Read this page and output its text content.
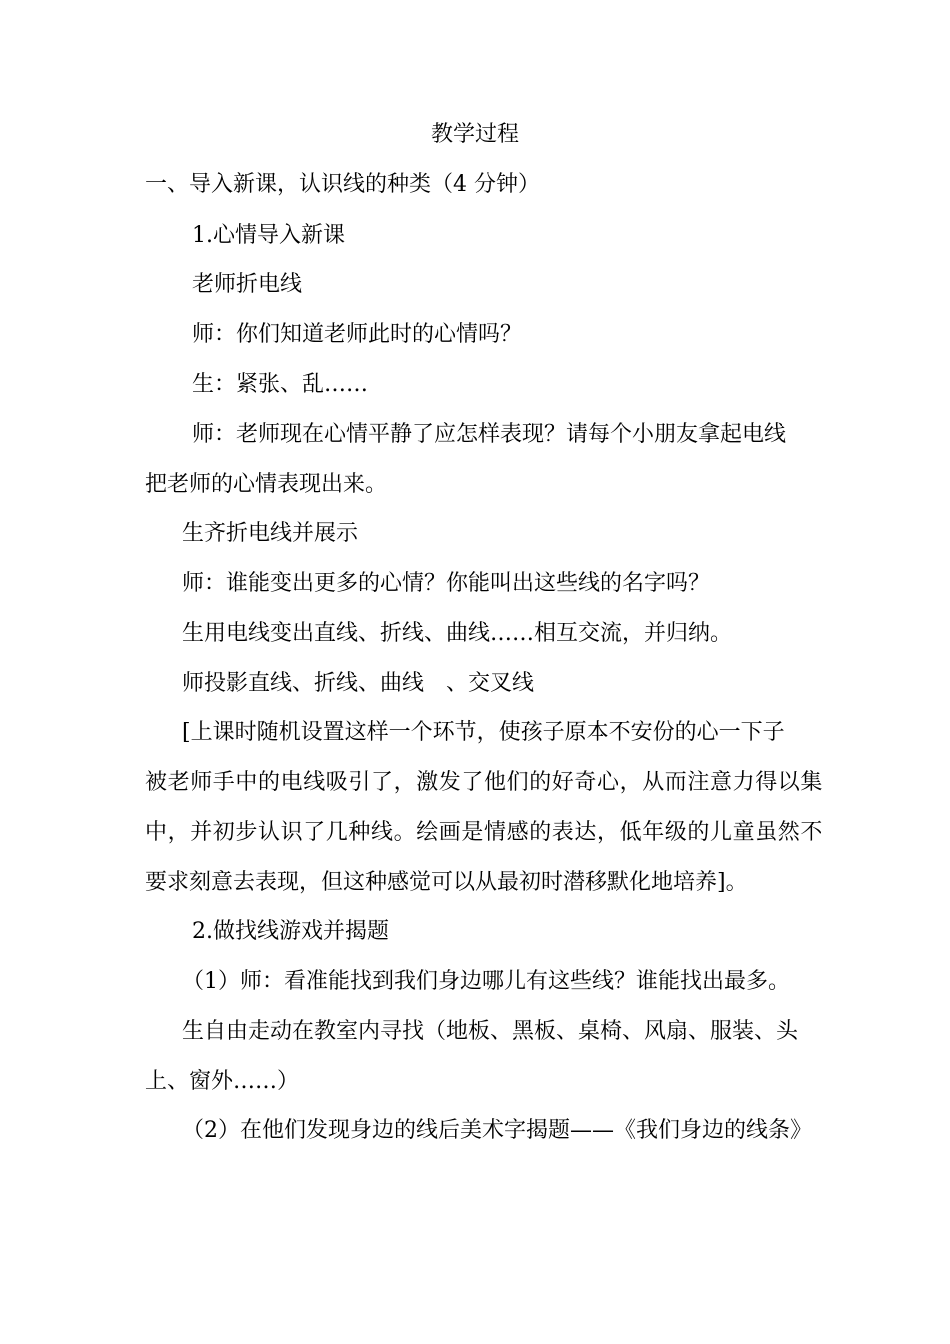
教学过程
一、导入新课，认识线的种类（4 分钟）
1.心情导入新课
老师折电线
师：你们知道老师此时的心情吗？
生：紧张、乱……
师：老师现在心情平静了应怎样表现？请每个小朋友拿起电线
把老师的心情表现出来。
生齐折电线并展示
师：谁能变出更多的心情？你能叫出这些线的名字吗？
生用电线变出直线、折线、曲线……相互交流，并归纳。
师投影直线、折线、曲线　、交叉线
[上课时随机设置这样一个环节，使孩子原本不安份的心一下子
被老师手中的电线吸引了，激发了他们的好奇心，从而注意力得以集
中，并初步认识了几种线。绘画是情感的表达，低年级的儿童虽然不
要求刻意去表现，但这种感觉可以从最初时潜移默化地培养]。
2.做找线游戏并揭题
（1）师：看准能找到我们身边哪儿有这些线？谁能找出最多。
生自由走动在教室内寻找（地板、黑板、桌椅、风扇、服装、头
上、窗外……）
（2）在他们发现身边的线后美术字揭题——《我们身边的线条》
